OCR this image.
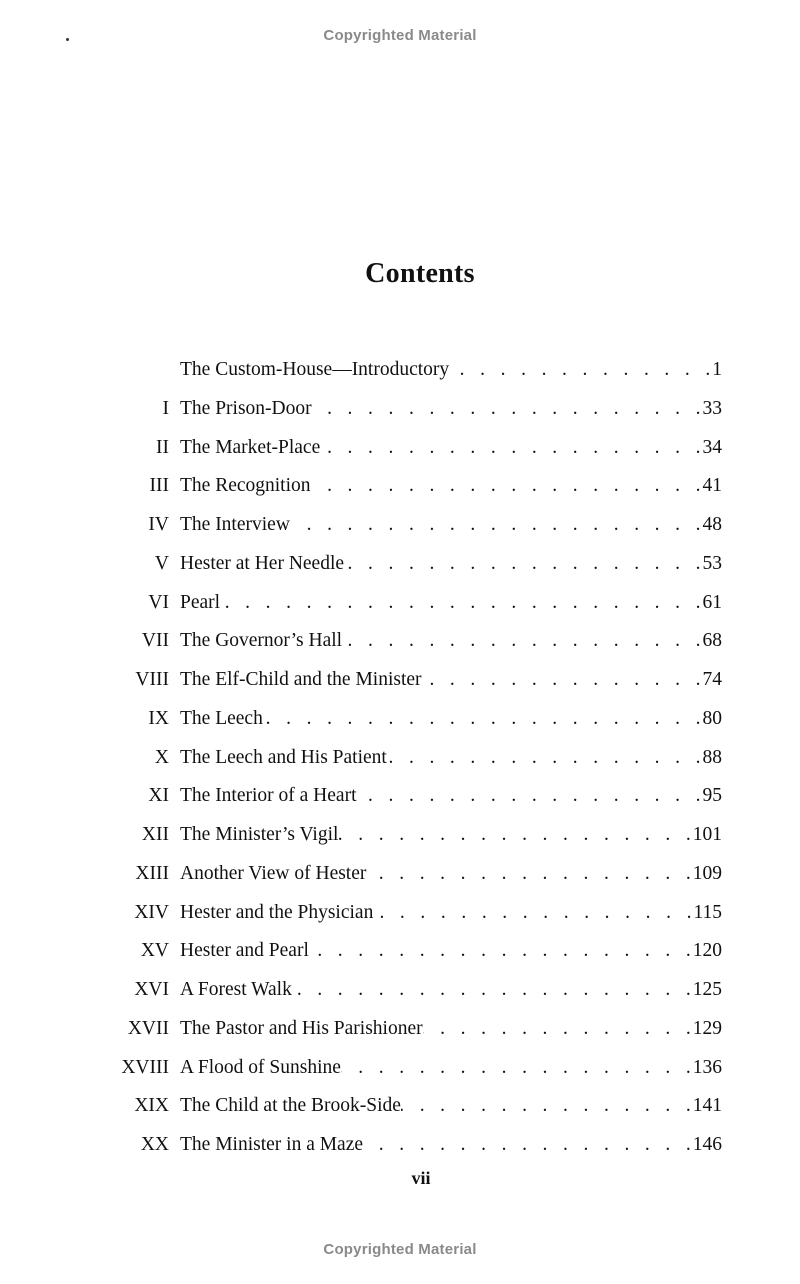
Copyrighted Material
Contents
The Custom-House—Introductory . . .	1
I The Prison-Door . . .	33
II The Market-Place . . .	34
III The Recognition . . .	41
IV The Interview . . .	48
V Hester at Her Needle . . .	53
VI Pearl . . .	61
VII The Governor’s Hall . . .	68
VIII The Elf-Child and the Minister . . .	74
IX The Leech . . .	80
X The Leech and His Patient . . .	88
XI The Interior of a Heart . . .	95
XII The Minister’s Vigil . . .	101
XIII Another View of Hester . . .	109
XIV Hester and the Physician . . .	115
XV Hester and Pearl . . .	120
XVI A Forest Walk . . .	125
XVII The Pastor and His Parishioner . . .	129
XVIII A Flood of Sunshine . . .	136
XIX The Child at the Brook-Side . . .	141
XX The Minister in a Maze . . .	146
vii
Copyrighted Material
